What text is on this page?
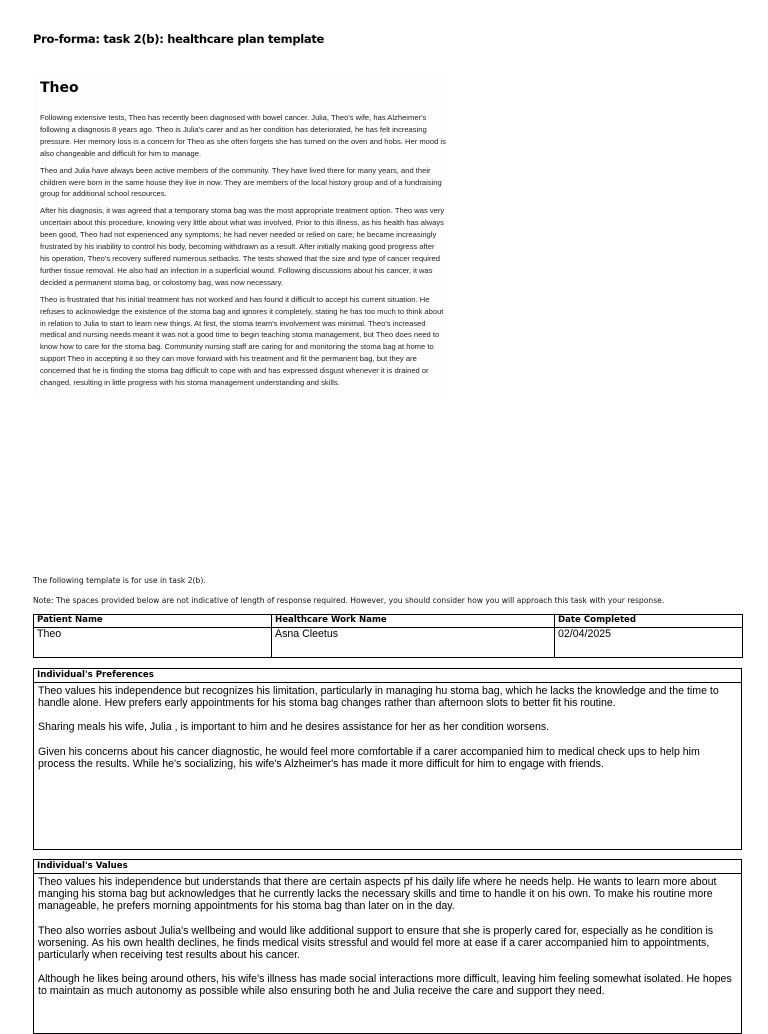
Pro-forma: task 2(b): healthcare plan template
Theo

Following extensive tests, Theo has recently been diagnosed with bowel cancer. Julia, Theo's wife, has Alzheimer's following a diagnosis 8 years ago. Theo is Julia's carer and as her condition has deteriorated, he has felt increasing pressure. Her memory loss is a concern for Theo as she often forgets she has turned on the oven and hobs. Her mood is also changeable and difficult for him to manage.

Theo and Julia have always been active members of the community. They have lived there for many years, and their children were born in the same house they live in now. They are members of the local history group and of a fundraising group for additional school resources.

After his diagnosis, it was agreed that a temporary stoma bag was the most appropriate treatment option. Theo was very uncertain about this procedure, knowing very little about what was involved. Prior to this illness, as his health has always been good, Theo had not experienced any symptoms; he had never needed or relied on care; he became increasingly frustrated by his inability to control his body, becoming withdrawn as a result. After initially making good progress after his operation, Theo's recovery suffered numerous setbacks. The tests showed that the size and type of cancer required further tissue removal. He also had an infection in a superficial wound. Following discussions about his cancer, it was decided a permanent stoma bag, or colostomy bag, was now necessary.

Theo is frustrated that his initial treatment has not worked and has found it difficult to accept his current situation. He refuses to acknowledge the existence of the stoma bag and ignores it completely, stating he has too much to think about in relation to Julia to start to learn new things. At first, the stoma team's involvement was minimal. Theo's increased medical and nursing needs meant it was not a good time to begin teaching stoma management, but Theo does need to know how to care for the stoma bag. Community nursing staff are caring for and monitoring the stoma bag at home to support Theo in accepting it so they can move forward with his treatment and fit the permanent bag, but they are concerned that he is finding the stoma bag difficult to cope with and has expressed disgust whenever it is drained or changed, resulting in little progress with his stoma management understanding and skills.

The following template is for use in task 2(b).
Note: The spaces provided below are not indicative of length of response required. However, you should consider how you will approach this task with your response.
Patient Name	Healthcare Work Name	Date Completed
Theo	Asna Cleetus	02/04/2025
Individual's Preferences

Theo values his independence but recognizes his limitation, particularly in managing hu stoma bag, which he lacks the knowledge and the time to handle alone. Hew prefers early appointments for his stoma bag changes rather than afternoon slots to better fit his routine.

Sharing meals his wife, Julia , is important to him and he desires assistance for her as her condition worsens.

Given his concerns about his cancer diagnostic, he would feel more comfortable if a carer accompanied him to medical check ups to help him process the results. While he's socializing, his wife's Alzheimer's has made it more difficult for him to engage with friends.

Individual's Values

Theo values his independence but understands that there are certain aspects pf his daily life where he needs help. He wants to learn more about manging his stoma bag but acknowledges that he currently lacks the necessary skills and time to handle it on his own. To make his routine more manageable, he prefers morning appointments for his stoma bag than later on in the day.

Theo also worries asbout Julia's wellbeing and would like additional support to ensure that she is properly cared for, especially as he condition is worsening. As his own health declines, he finds medical visits stressful and would fel more at ease if a carer accompanied him to appointments, particularly when receiving test results about his cancer.

Although he likes being around others, his wife's illness has made social interactions more difficult, leaving him feeling somewhat isolated. He hopes to maintain as much autonomy as possible while also ensuring both he and Julia receive the care and support they need.
